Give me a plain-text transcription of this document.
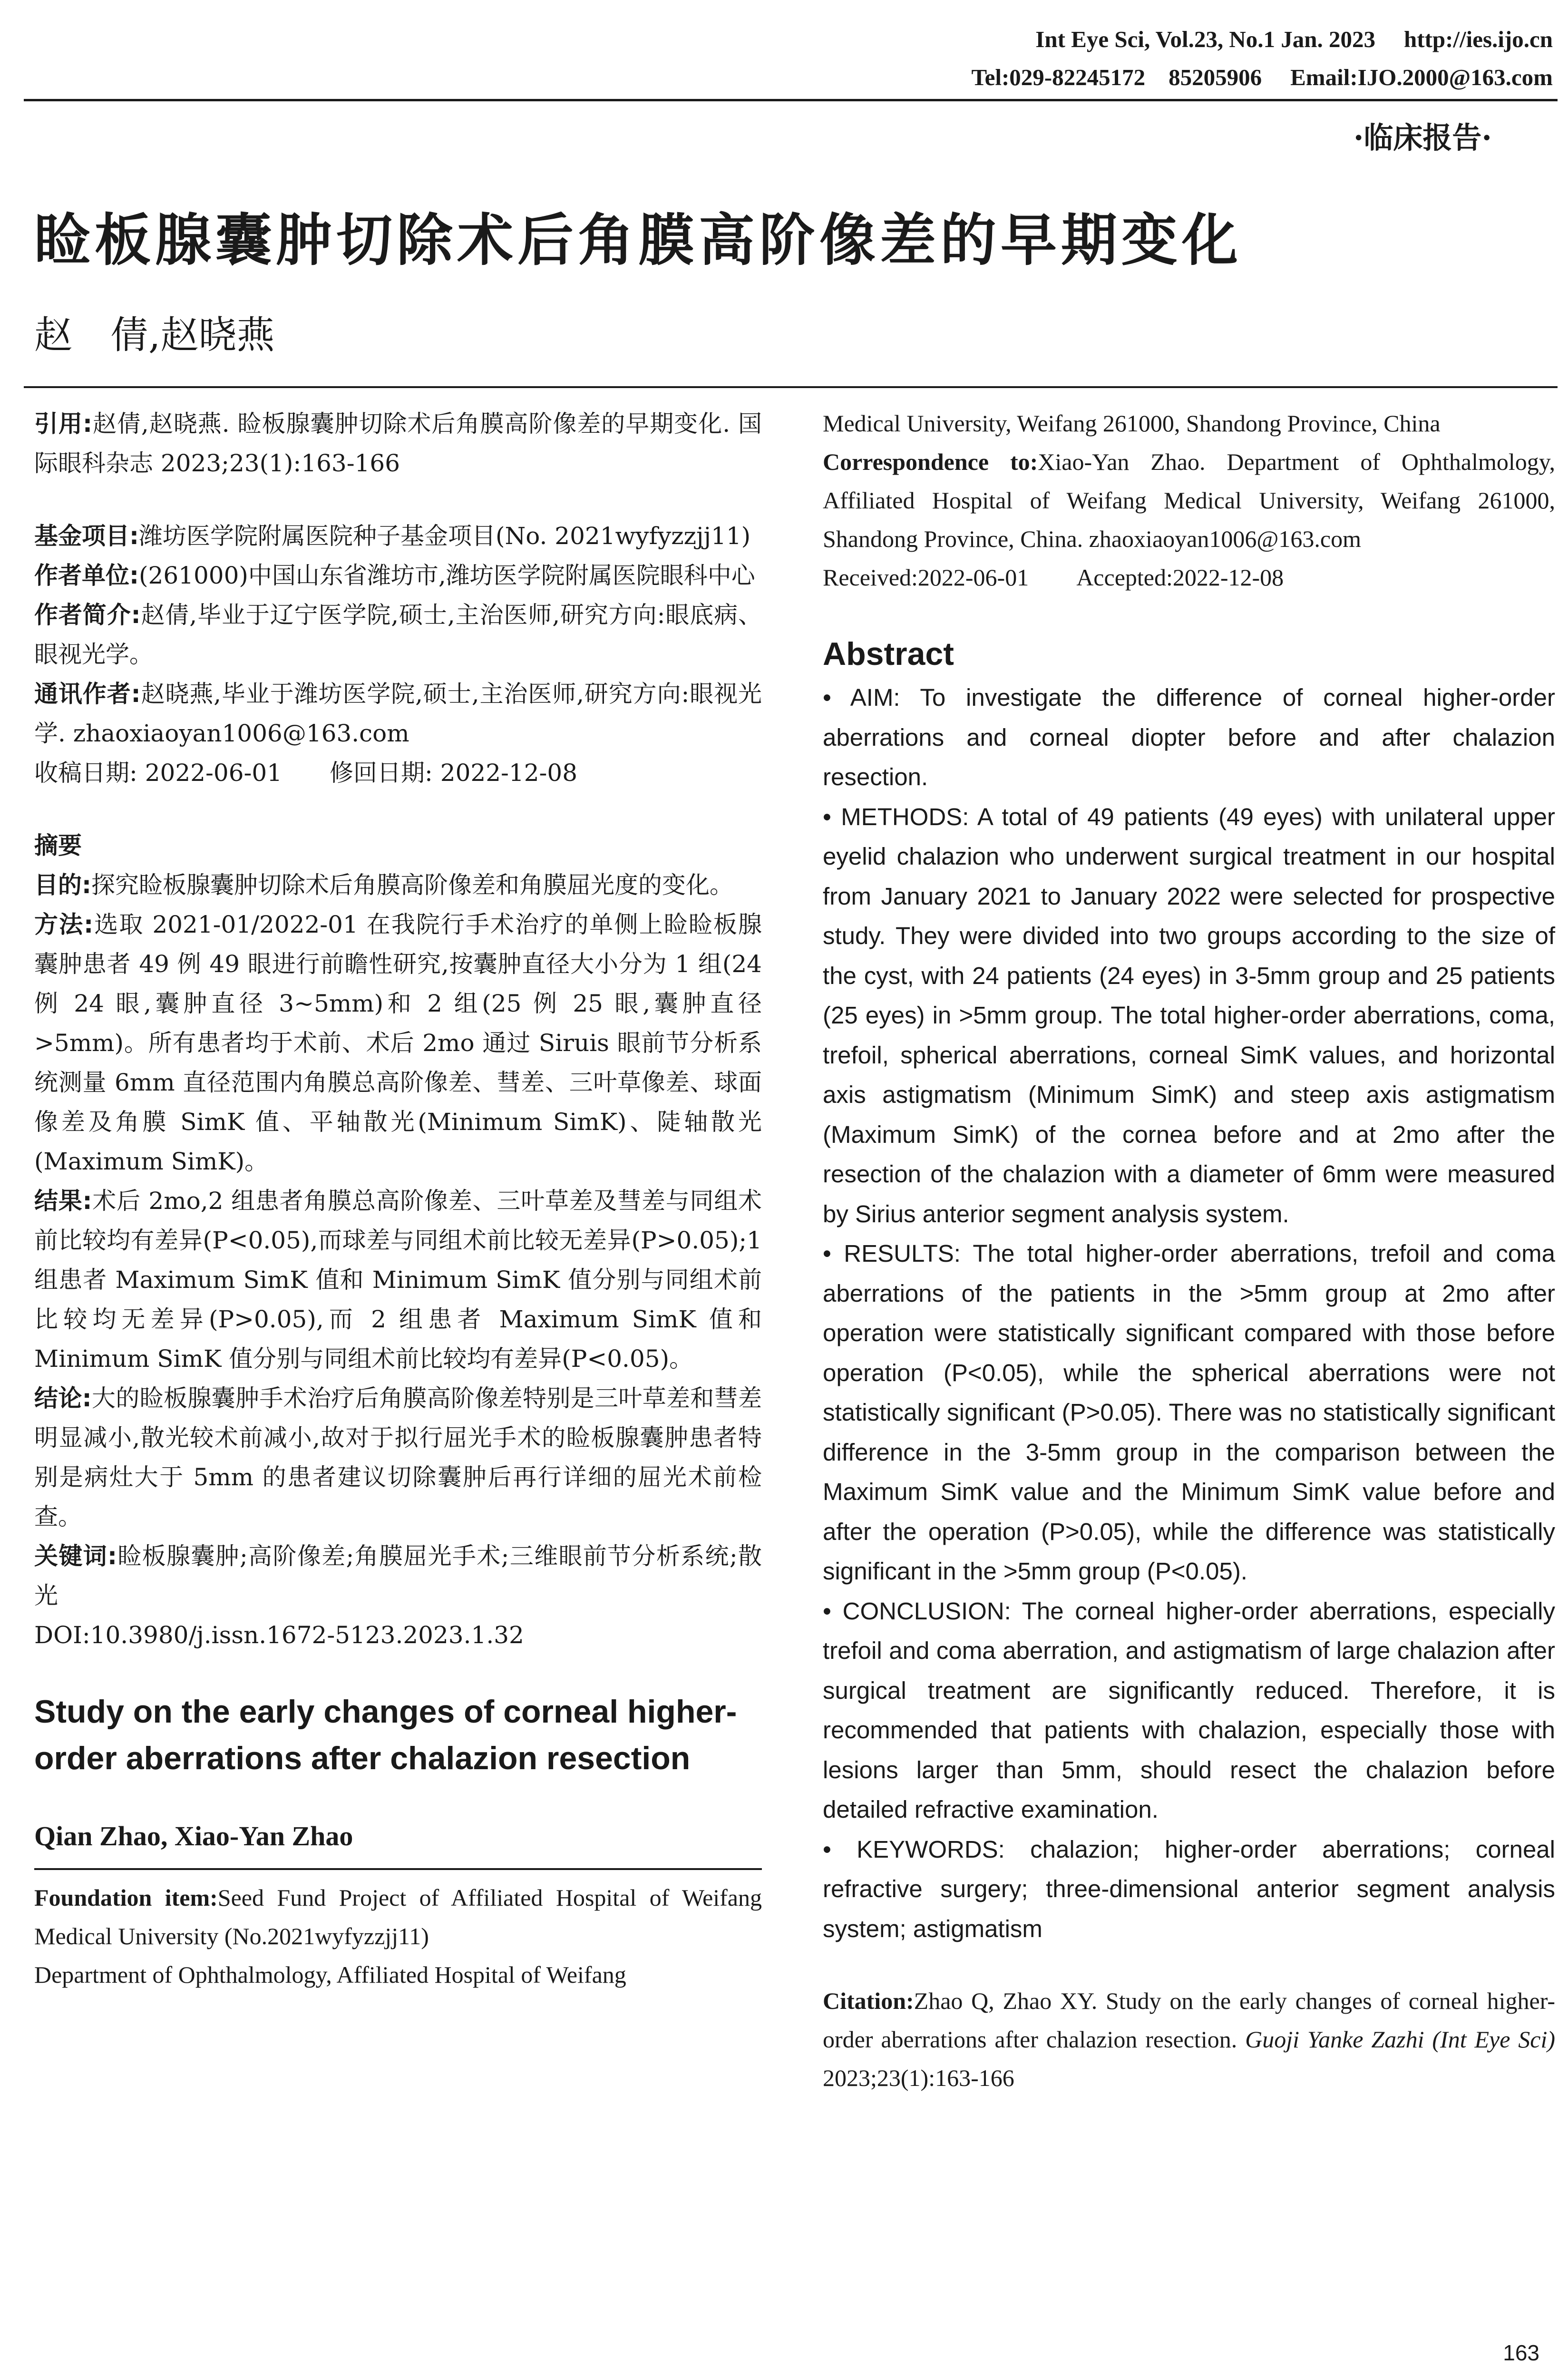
Int Eye Sci, Vol.23, No.1 Jan. 2023 http://ies.ijo.cn
Tel:029-82245172　85205906 Email:IJO.2000@163.com
·临床报告·
睑板腺囊肿切除术后角膜高阶像差的早期变化
赵　倩,赵晓燕

引用:赵倩,赵晓燕. 睑板腺囊肿切除术后角膜高阶像差的早期变化. 国际眼科杂志 2023;23(1):163-166

基金项目:潍坊医学院附属医院种子基金项目(No. 2021wyfyzzjj11)

作者单位:(261000)中国山东省潍坊市,潍坊医学院附属医院眼科中心

作者简介:赵倩,毕业于辽宁医学院,硕士,主治医师,研究方向:眼底病、眼视光学。

通讯作者:赵晓燕,毕业于潍坊医学院,硕士,主治医师,研究方向:眼视光学. zhaoxiaoyan1006@163.com

收稿日期: 2022-06-01　　修回日期: 2022-12-08

摘要

目的:探究睑板腺囊肿切除术后角膜高阶像差和角膜屈光度的变化。

方法:选取 2021-01/2022-01 在我院行手术治疗的单侧上睑睑板腺囊肿患者 49 例 49 眼进行前瞻性研究,按囊肿直径大小分为 1 组(24 例 24 眼,囊肿直径 3~5mm)和 2 组(25 例 25 眼,囊肿直径>5mm)。所有患者均于术前、术后 2mo 通过 Siruis 眼前节分析系统测量 6mm 直径范围内角膜总高阶像差、彗差、三叶草像差、球面像差及角膜 SimK 值、平轴散光(Minimum SimK)、陡轴散光(Maximum SimK)。

结果:术后 2mo,2 组患者角膜总高阶像差、三叶草差及彗差与同组术前比较均有差异(P<0.05),而球差与同组术前比较无差异(P>0.05);1 组患者 Maximum SimK 值和 Minimum SimK 值分别与同组术前比较均无差异(P>0.05),而 2 组患者 Maximum SimK 值和 Minimum SimK 值分别与同组术前比较均有差异(P<0.05)。

结论:大的睑板腺囊肿手术治疗后角膜高阶像差特别是三叶草差和彗差明显减小,散光较术前减小,故对于拟行屈光手术的睑板腺囊肿患者特别是病灶大于 5mm 的患者建议切除囊肿后再行详细的屈光术前检查。

关键词:睑板腺囊肿;高阶像差;角膜屈光手术;三维眼前节分析系统;散光

DOI:10.3980/j.issn.1672-5123.2023.1.32

Study on the early changes of corneal higher-order aberrations after chalazion resection

Qian Zhao, Xiao-Yan Zhao

Foundation item:Seed Fund Project of Affiliated Hospital of Weifang Medical University (No.2021wyfyzzjj11)

Department of Ophthalmology, Affiliated Hospital of Weifang

Medical University, Weifang 261000, Shandong Province, China

Correspondence to:Xiao-Yan Zhao. Department of Ophthalmology, Affiliated Hospital of Weifang Medical University, Weifang 261000, Shandong Province, China. zhaoxiaoyan1006@163.com

Received:2022-06-01　　Accepted:2022-12-08

Abstract

• AIM: To investigate the difference of corneal higher-order aberrations and corneal diopter before and after chalazion resection.

• METHODS: A total of 49 patients (49 eyes) with unilateral upper eyelid chalazion who underwent surgical treatment in our hospital from January 2021 to January 2022 were selected for prospective study. They were divided into two groups according to the size of the cyst, with 24 patients (24 eyes) in 3-5mm group and 25 patients (25 eyes) in >5mm group. The total higher-order aberrations, coma, trefoil, spherical aberrations, corneal SimK values, and horizontal axis astigmatism (Minimum SimK) and steep axis astigmatism (Maximum SimK) of the cornea before and at 2mo after the resection of the chalazion with a diameter of 6mm were measured by Sirius anterior segment analysis system.

• RESULTS: The total higher-order aberrations, trefoil and coma aberrations of the patients in the >5mm group at 2mo after operation were statistically significant compared with those before operation (P<0.05), while the spherical aberrations were not statistically significant (P>0.05). There was no statistically significant difference in the 3-5mm group in the comparison between the Maximum SimK value and the Minimum SimK value before and after the operation (P>0.05), while the difference was statistically significant in the >5mm group (P<0.05).

• CONCLUSION: The corneal higher-order aberrations, especially trefoil and coma aberration, and astigmatism of large chalazion after surgical treatment are significantly reduced. Therefore, it is recommended that patients with chalazion, especially those with lesions larger than 5mm, should resect the chalazion before detailed refractive examination.

• KEYWORDS: chalazion; higher-order aberrations; corneal refractive surgery; three-dimensional anterior segment analysis system; astigmatism

Citation:Zhao Q, Zhao XY. Study on the early changes of corneal higher-order aberrations after chalazion resection. Guoji Yanke Zazhi (Int Eye Sci) 2023;23(1):163-166

163
